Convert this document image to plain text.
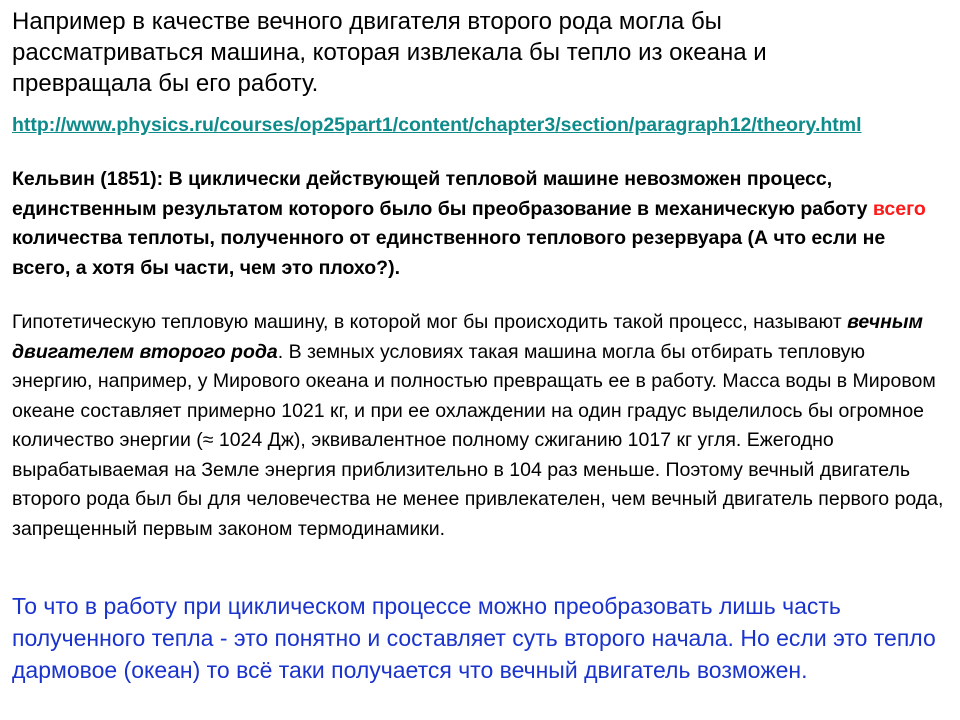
Например в качестве вечного двигателя второго рода могла бы рассматриваться машина, которая извлекала бы тепло из океана и превращала бы его работу.

http://www.physics.ru/courses/op25part1/content/chapter3/section/paragraph12/theory.html

Кельвин (1851): В циклически действующей тепловой машине невозможен процесс, единственным результатом которого было бы преобразование в механическую работу всего количества теплоты, полученного от единственного теплового резервуара (А что если не всего, а хотя бы части, чем это плохо?).

Гипотетическую тепловую машину, в которой мог бы происходить такой процесс, называют вечным двигателем второго рода. В земных условиях такая машина могла бы отбирать тепловую энергию, например, у Мирового океана и полностью превращать ее в работу. Масса воды в Мировом океане составляет примерно 1021 кг, и при ее охлаждении на один градус выделилось бы огромное количество энергии (≈ 1024 Дж), эквивалентное полному сжиганию 1017 кг угля. Ежегодно вырабатываемая на Земле энергия приблизительно в 104 раз меньше. Поэтому вечный двигатель второго рода был бы для человечества не менее привлекателен, чем вечный двигатель первого рода, запрещенный первым законом термодинамики.

То что в работу при циклическом процессе можно преобразовать лишь часть полученного тепла - это понятно и составляет суть второго начала. Но если это тепло дармовое (океан) то всё таки получается что вечный двигатель возможен.
